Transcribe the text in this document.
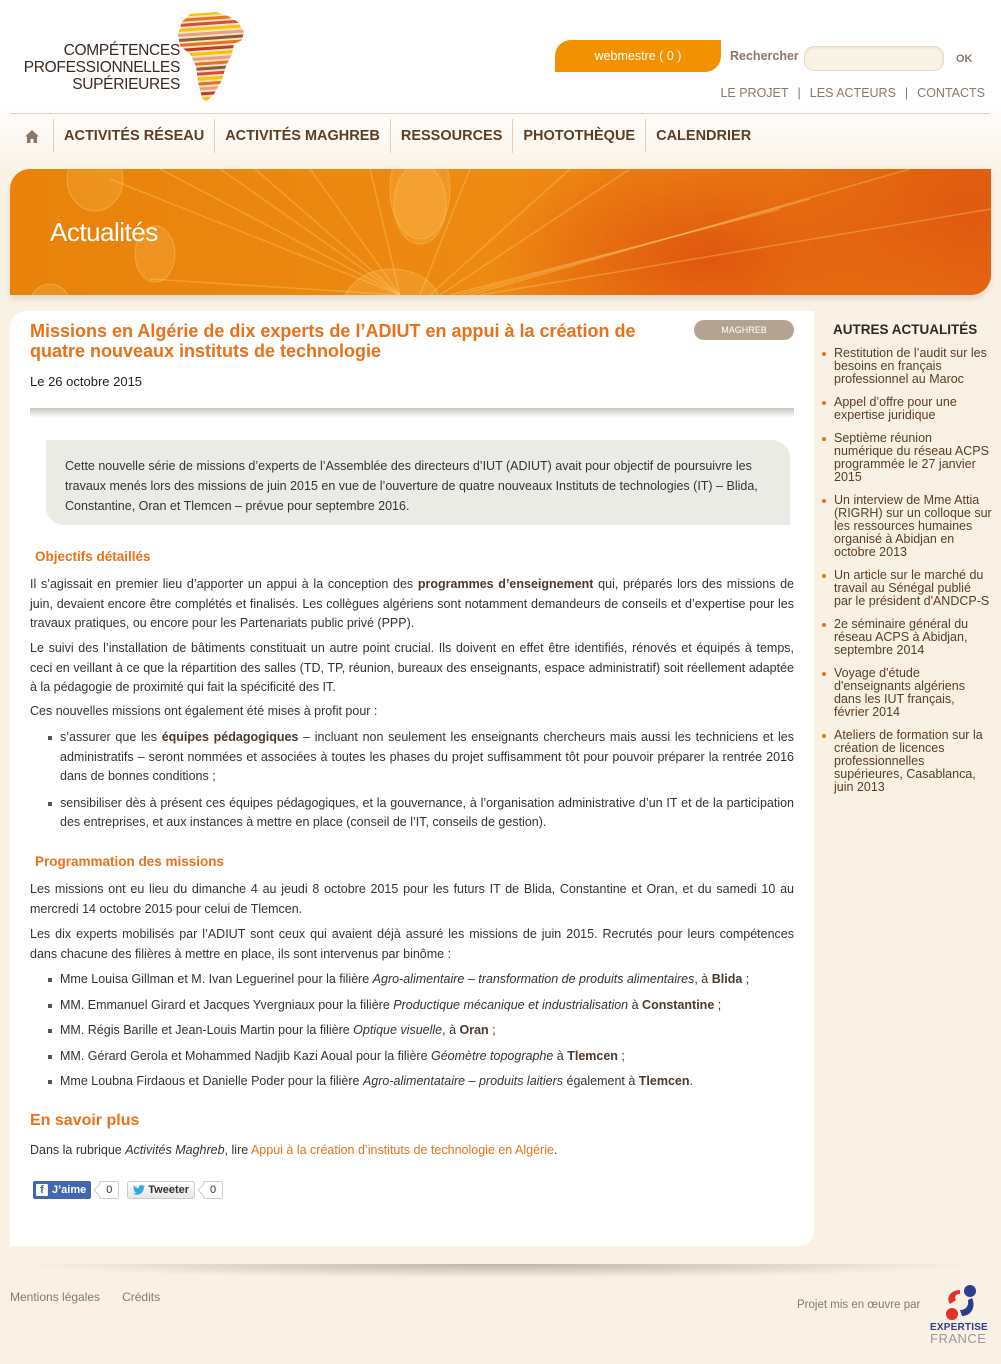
COMPÉTENCES
PROFESSIONNELLES
SUPÉRIEURES
webmestre ( 0 )	Rechercher	OK
LE PROJET | LES ACTEURS | CONTACTS
ACTIVITÉS RÉSEAU	ACTIVITÉS MAGHREB	RESSOURCES	PHOTOTHÈQUE	CALENDRIER
Actualités
Missions en Algérie de dix experts de l’ADIUT en appui à la création de quatre nouveaux instituts de technologie
MAGHREB
Le 26 octobre 2015
Cette nouvelle série de missions d’experts de l’Assemblée des directeurs d’IUT (ADIUT) avait pour objectif de poursuivre les travaux menés lors des missions de juin 2015 en vue de l’ouverture de quatre nouveaux Instituts de technologies (IT) – Blida, Constantine, Oran et Tlemcen – prévue pour septembre 2016.
Objectifs détaillés

Il s’agissait en premier lieu d’apporter un appui à la conception des programmes d’enseignement qui, préparés lors des missions de juin, devaient encore être complétés et finalisés. Les collègues algériens sont notamment demandeurs de conseils et d’expertise pour les travaux pratiques, ou encore pour les Partenariats public privé (PPP).

Le suivi des l’installation de bâtiments constituait un autre point crucial. Ils doivent en effet être identifiés, rénovés et équipés à temps, ceci en veillant à ce que la répartition des salles (TD, TP, réunion, bureaux des enseignants, espace administratif) soit réellement adaptée à la pédagogie de proximité qui fait la spécificité des IT.

Ces nouvelles missions ont également été mises à profit pour :

s’assurer que les équipes pédagogiques – incluant non seulement les enseignants chercheurs mais aussi les techniciens et les administratifs – seront nommées et associées à toutes les phases du projet suffisamment tôt pour pouvoir préparer la rentrée 2016 dans de bonnes conditions ;
sensibiliser dès à présent ces équipes pédagogiques, et la gouvernance, à l’organisation administrative d’un IT et de la participation des entreprises, et aux instances à mettre en place (conseil de l’IT, conseils de gestion).
Programmation des missions

Les missions ont eu lieu du dimanche 4 au jeudi 8 octobre 2015 pour les futurs IT de Blida, Constantine et Oran, et du samedi 10 au mercredi 14 octobre 2015 pour celui de Tlemcen.

Les dix experts mobilisés par l’ADIUT sont ceux qui avaient déjà assuré les missions de juin 2015. Recrutés pour leurs compétences dans chacune des filières à mettre en place, ils sont intervenus par binôme :

Mme Louisa Gillman et M. Ivan Leguerinel pour la filière Agro-alimentaire – transformation de produits alimentaires, à Blida ;
MM. Emmanuel Girard et Jacques Yvergniaux pour la filière Productique mécanique et industrialisation à Constantine ;
MM. Régis Barille et Jean-Louis Martin pour la filière Optique visuelle, à Oran ;
MM. Gérard Gerola et Mohammed Nadjib Kazi Aoual pour la filière Géomètre topographe à Tlemcen ;
Mme Loubna Firdaous et Danielle Poder pour la filière Agro-alimentataire – produits laitiers également à Tlemcen.
En savoir plus

Dans la rubrique Activités Maghreb, lire Appui à la création d’instituts de technologie en Algérie.

f J’aime	0	Tweeter	0
AUTRES ACTUALITÉS
Restitution de l’audit sur les besoins en français professionnel au Maroc
Appel d’offre pour une expertise juridique
Septième réunion numérique du réseau ACPS programmée le 27 janvier 2015
Un interview de Mme Attia (RIGRH) sur un colloque sur les ressources humaines organisé à Abidjan en octobre 2013
Un article sur le marché du travail au Sénégal publié par le président d'ANDCP-S
2e séminaire général du réseau ACPS à Abidjan, septembre 2014
Voyage d'étude d'enseignants algériens dans les IUT français, février 2014
Ateliers de formation sur la création de licences professionnelles supérieures, Casablanca, juin 2013
Mentions légales Crédits
Projet mis en œuvre par
EXPERTISE
FRANCE
